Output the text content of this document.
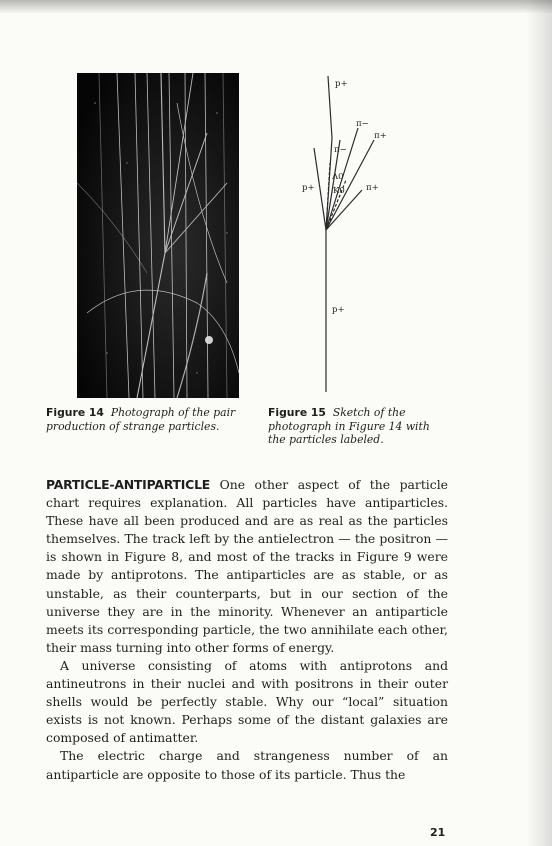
p+
π−
π+
π−
p+
Λ0
K0 π+
p+
Figure 14 Photograph of the pair production of strange particles.
Figure 15 Sketch of the photograph in Figure 14 with the particles labeled.

PARTICLE-ANTIPARTICLE One other aspect of the particle chart requires explanation. All particles have antiparticles. These have all been produced and are as real as the particles themselves. The track left by the antielectron — the positron — is shown in Figure 8, and most of the tracks in Figure 9 were made by antiprotons. The antiparticles are as stable, or as unstable, as their counterparts, but in our section of the universe they are in the minority. Whenever an antiparticle meets its corresponding particle, the two annihilate each other, their mass turning into other forms of energy.

A universe consisting of atoms with antiprotons and antineutrons in their nuclei and with positrons in their outer shells would be perfectly stable. Why our “local” situation exists is not known. Perhaps some of the distant galaxies are composed of antimatter.

The electric charge and strangeness number of an antiparticle are opposite to those of its particle. Thus the

21
